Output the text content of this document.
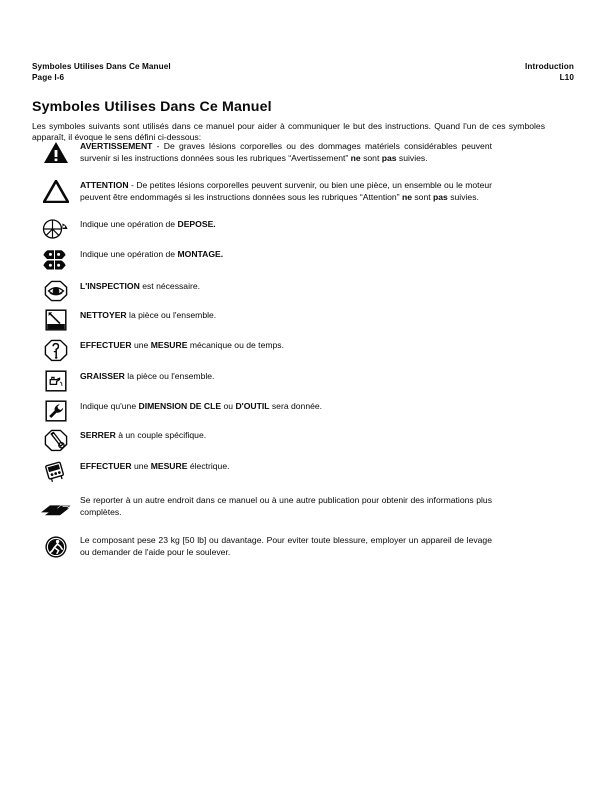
Symboles Utilises Dans Ce Manuel
Page I-6
Introduction
L10
Symboles Utilises Dans Ce Manuel

Les symboles suivants sont utilisés dans ce manuel pour aider à communiquer le but des instructions. Quand l'un de ces symboles apparaît, il évoque le sens défini ci-dessous:

AVERTISSEMENT - De graves lésions corporelles ou des dommages matériels considérables peuvent survenir si les instructions données sous les rubriques “Avertissement” ne sont pas suivies.
ATTENTION - De petites lésions corporelles peuvent survenir, ou bien une pièce, un ensemble ou le moteur peuvent être endommagés si les instructions données sous les rubriques “Attention” ne sont pas suivies.
Indique une opération de DEPOSE.
Indique une opération de MONTAGE.
L'INSPECTION est nécessaire.
NETTOYER la pièce ou l'ensemble.
EFFECTUER une MESURE mécanique ou de temps.
GRAISSER la pièce ou l'ensemble.
Indique qu'une DIMENSION DE CLE ou D'OUTIL sera donnée.
SERRER à un couple spécifique.
EFFECTUER une MESURE électrique.
Se reporter à un autre endroit dans ce manuel ou à une autre publication pour obtenir des informations plus complètes.
Le composant pese 23 kg [50 lb] ou davantage. Pour eviter toute blessure, employer un appareil de levage ou demander de l'aide pour le soulever.
